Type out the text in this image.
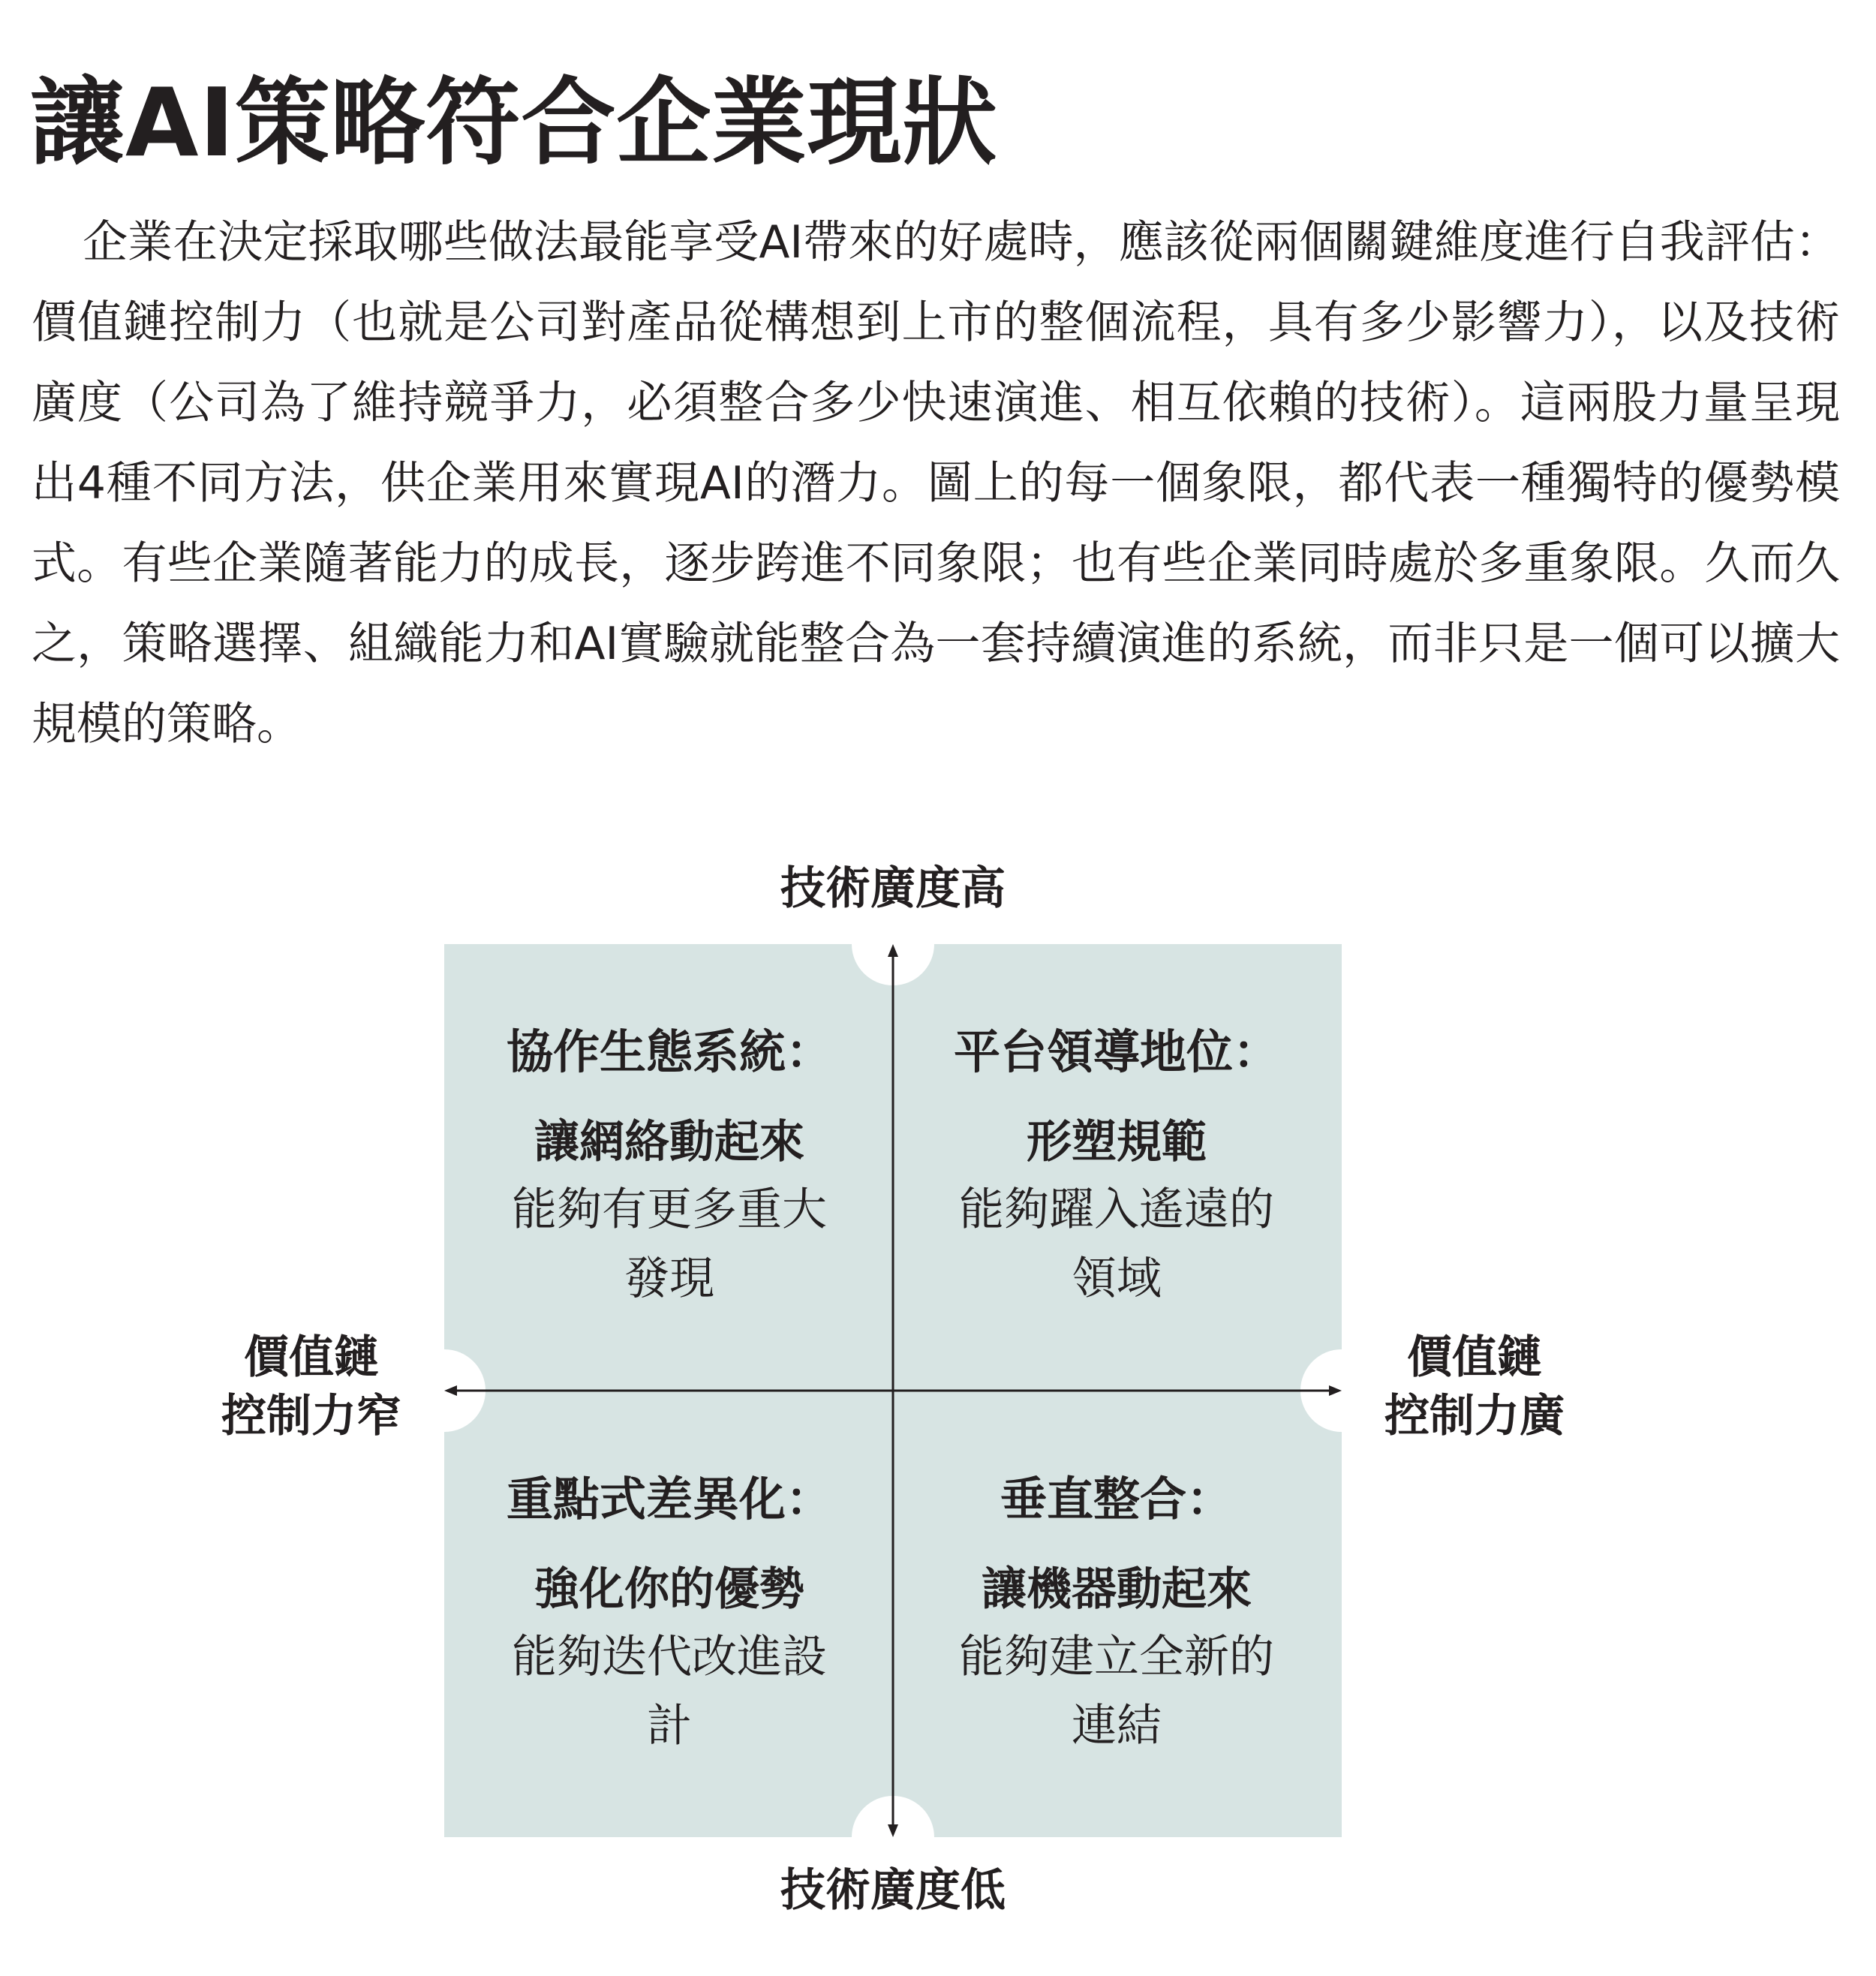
讓AI策略符合企業現狀
企業在決定採取哪些做法最能享受AI帶來的好處時，應該從兩個關鍵維度進行自我評估：價值鏈控制力（也就是公司對產品從構想到上市的整個流程，具有多少影響力），以及技術廣度（公司為了維持競爭力，必須整合多少快速演進、相互依賴的技術）。這兩股力量呈現出4種不同方法，供企業用來實現AI的潛力。圖上的每一個象限，都代表一種獨特的優勢模式。有些企業隨著能力的成長，逐步跨進不同象限；也有些企業同時處於多重象限。久而久之，策略選擇、組織能力和AI實驗就能整合為一套持續演進的系統，而非只是一個可以擴大規模的策略。
技術廣度高
技術廣度低
價值鏈
控制力窄
價值鏈
控制力廣
協作生態系統：
讓網絡動起來
能夠有更多重大發現
平台領導地位：
形塑規範
能夠躍入遙遠的領域
重點式差異化：
強化你的優勢
能夠迭代改進設計
垂直整合：
讓機器動起來
能夠建立全新的連結
